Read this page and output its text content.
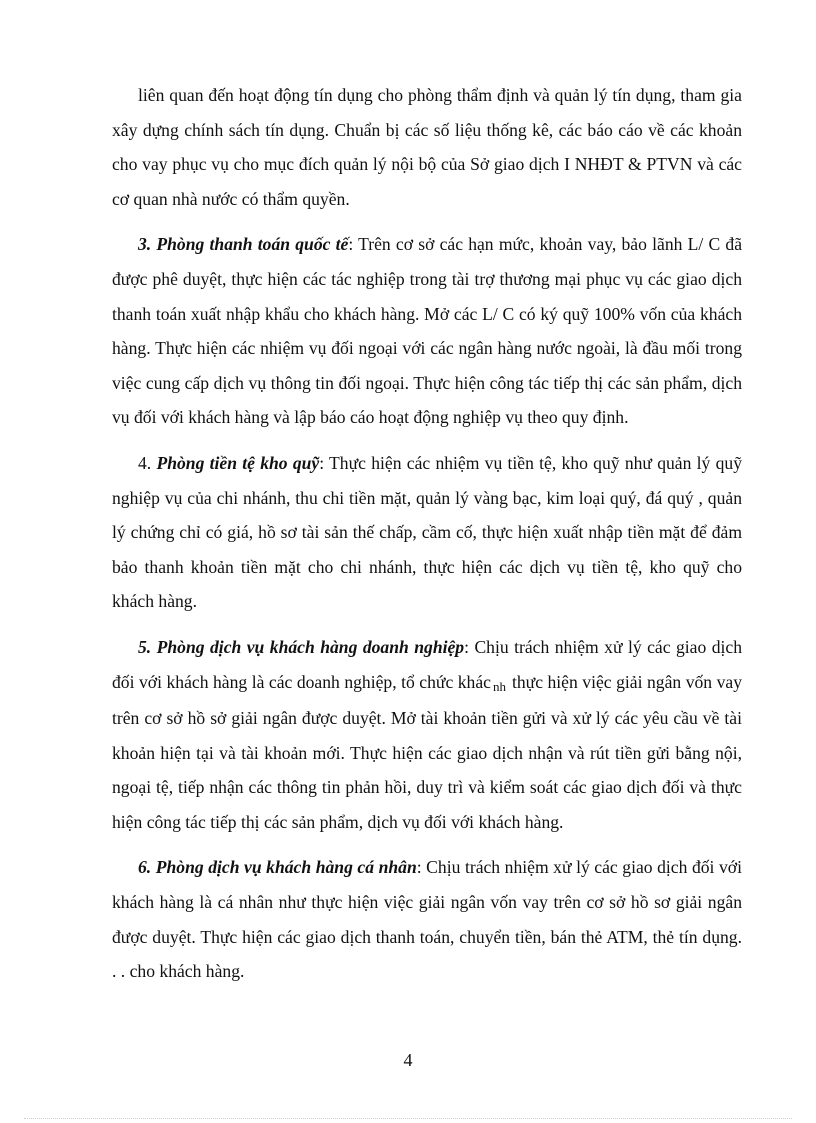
liên quan đến hoạt động tín dụng cho phòng thẩm định và quản lý tín dụng, tham gia xây dựng chính sách tín dụng. Chuẩn bị các số liệu thống kê, các báo cáo về các khoản cho vay phục vụ cho mục đích quản lý nội bộ của Sở giao dịch I NHĐT & PTVN và các cơ quan nhà nước có thẩm quyền.

3. Phòng thanh toán quốc tế: Trên cơ sở các hạn mức, khoản vay, bảo lãnh L/ C đã được phê duyệt, thực hiện các tác nghiệp trong tài trợ thương mại phục vụ các giao dịch thanh toán xuất nhập khẩu cho khách hàng. Mở các L/ C có ký quỹ 100% vốn của khách hàng. Thực hiện các nhiệm vụ đối ngoại với các ngân hàng nước ngoài, là đầu mối trong việc cung cấp dịch vụ thông tin đối ngoại. Thực hiện công tác tiếp thị các sản phẩm, dịch vụ đối với khách hàng và lập báo cáo hoạt động nghiệp vụ theo quy định.

4. Phòng tiền tệ kho quỹ: Thực hiện các nhiệm vụ tiền tệ, kho quỹ như quản lý quỹ nghiệp vụ của chi nhánh, thu chi tiền mặt, quản lý vàng bạc, kim loại quý, đá quý , quản lý chứng chỉ có giá, hồ sơ tài sản thế chấp, cầm cố, thực hiện xuất nhập tiền mặt để đảm bảo thanh khoản tiền mặt cho chi nhánh, thực hiện các dịch vụ tiền tệ, kho quỹ cho khách hàng.

5. Phòng dịch vụ khách hàng doanh nghiệp: Chịu trách nhiệm xử lý các giao dịch đối với khách hàng là các doanh nghiệp, tổ chức khác nh thực hiện việc giải ngân vốn vay trên cơ sở hồ sở giải ngân được duyệt. Mở tài khoản tiền gửi và xử lý các yêu cầu về tài khoản hiện tại và tài khoản mới. Thực hiện các giao dịch nhận và rút tiền gửi bằng nội, ngoại tệ, tiếp nhận các thông tin phản hồi, duy trì và kiểm soát các giao dịch đối và thực hiện công tác tiếp thị các sản phẩm, dịch vụ đối với khách hàng.

6. Phòng dịch vụ khách hàng cá nhân: Chịu trách nhiệm xử lý các giao dịch đối với khách hàng là cá nhân như thực hiện việc giải ngân vốn vay trên cơ sở hồ sơ giải ngân được duyệt. Thực hiện các giao dịch thanh toán, chuyển tiền, bán thẻ ATM, thẻ tín dụng. . . cho khách hàng.

4
